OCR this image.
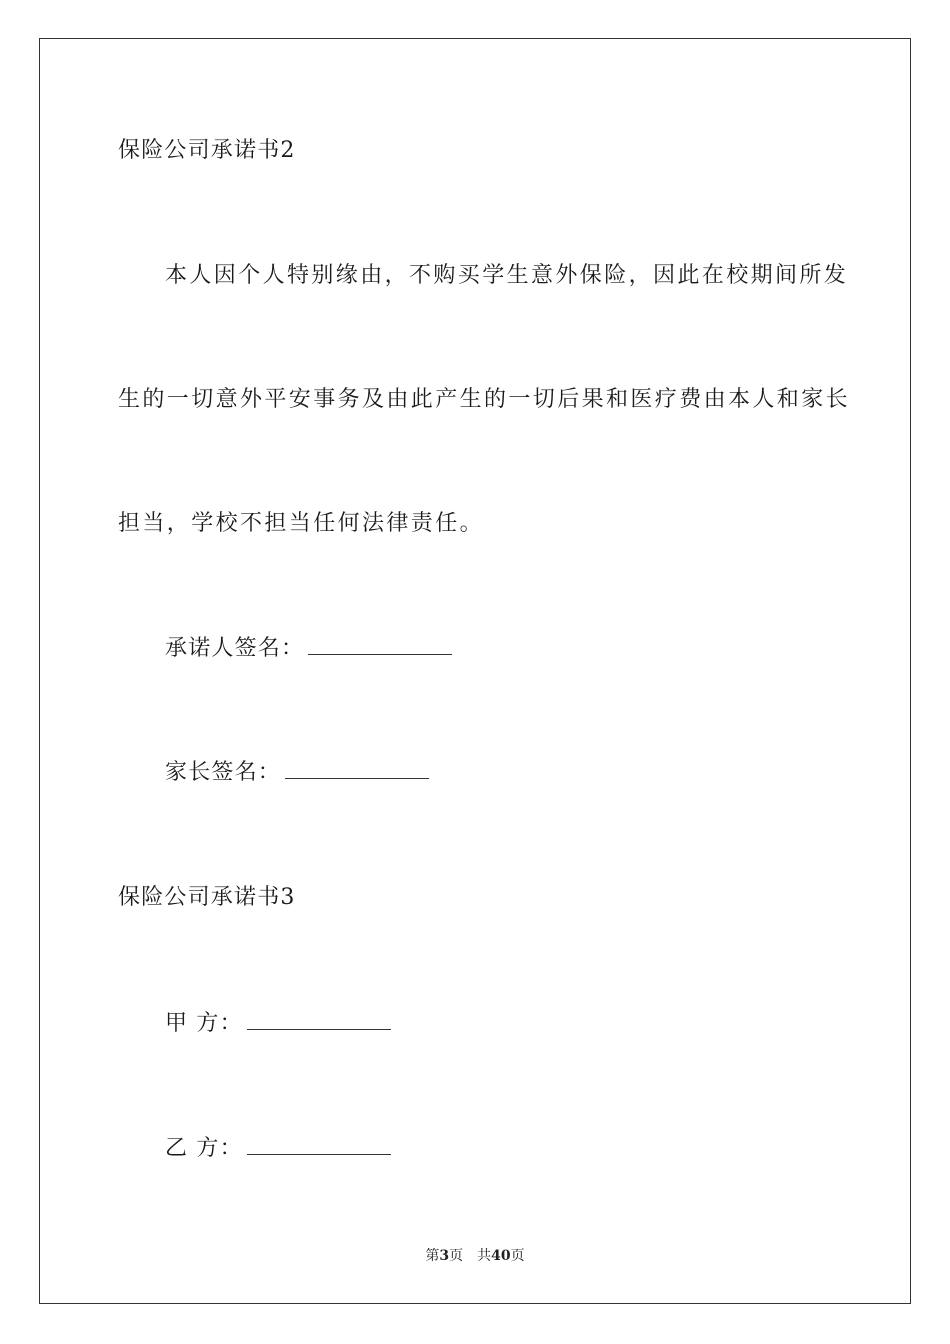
保险公司承诺书2
本人因个人特别缘由，不购买学生意外保险，因此在校期间所发
生的一切意外平安事务及由此产生的一切后果和医疗费由本人和家长
担当，学校不担当任何法律责任。
承诺人签名：
家长签名：
保险公司承诺书3
甲 方：
乙 方：
第3页 共40页
